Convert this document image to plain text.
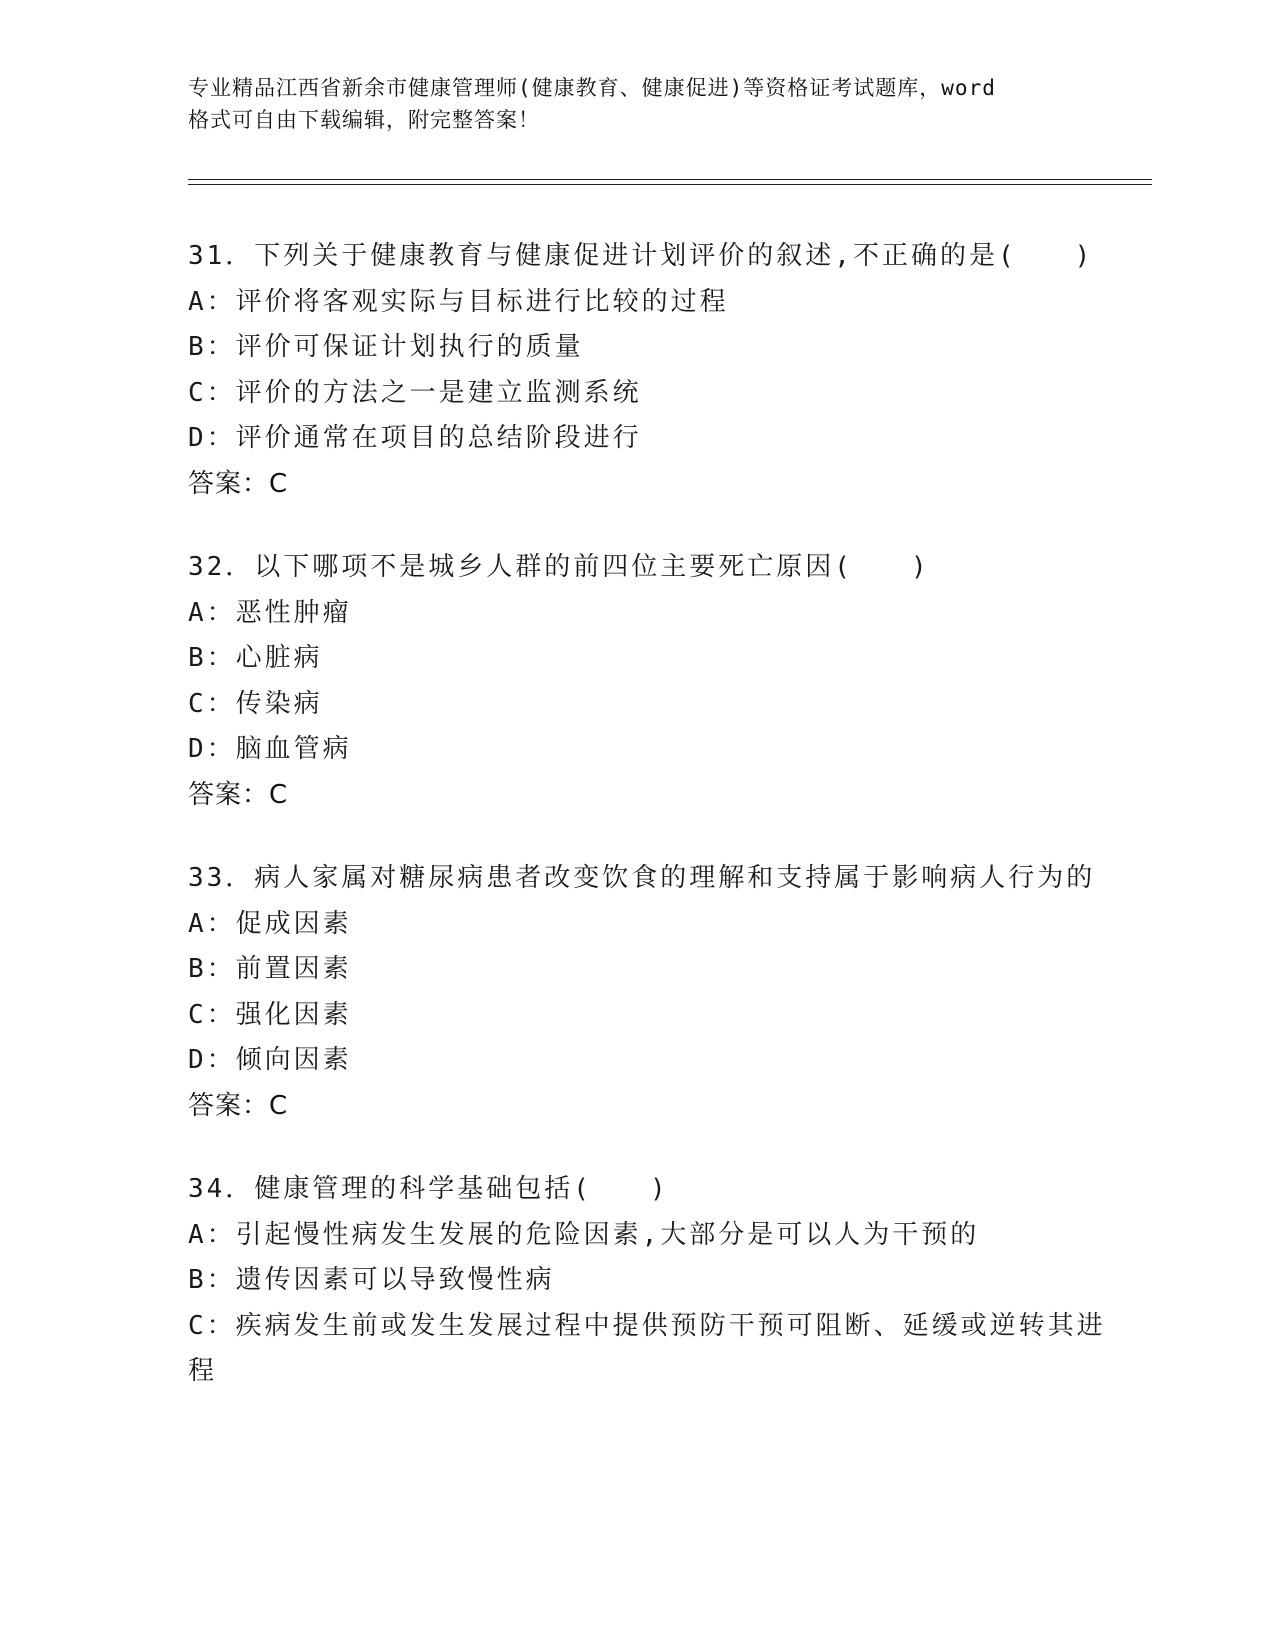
专业精品江西省新余市健康管理师(健康教育、健康促进)等资格证考试题库，word
格式可自由下载编辑，附完整答案！
31．下列关于健康教育与健康促进计划评价的叙述,不正确的是(　　)
A：评价将客观实际与目标进行比较的过程
B：评价可保证计划执行的质量
C：评价的方法之一是建立监测系统
D：评价通常在项目的总结阶段进行
答案：C
32．以下哪项不是城乡人群的前四位主要死亡原因(　　)
A：恶性肿瘤
B：心脏病
C：传染病
D：脑血管病
答案：C
33．病人家属对糖尿病患者改变饮食的理解和支持属于影响病人行为的
A：促成因素
B：前置因素
C：强化因素
D：倾向因素
答案：C
34．健康管理的科学基础包括(　　)
A：引起慢性病发生发展的危险因素,大部分是可以人为干预的
B：遗传因素可以导致慢性病
C：疾病发生前或发生发展过程中提供预防干预可阻断、延缓或逆转其进程
